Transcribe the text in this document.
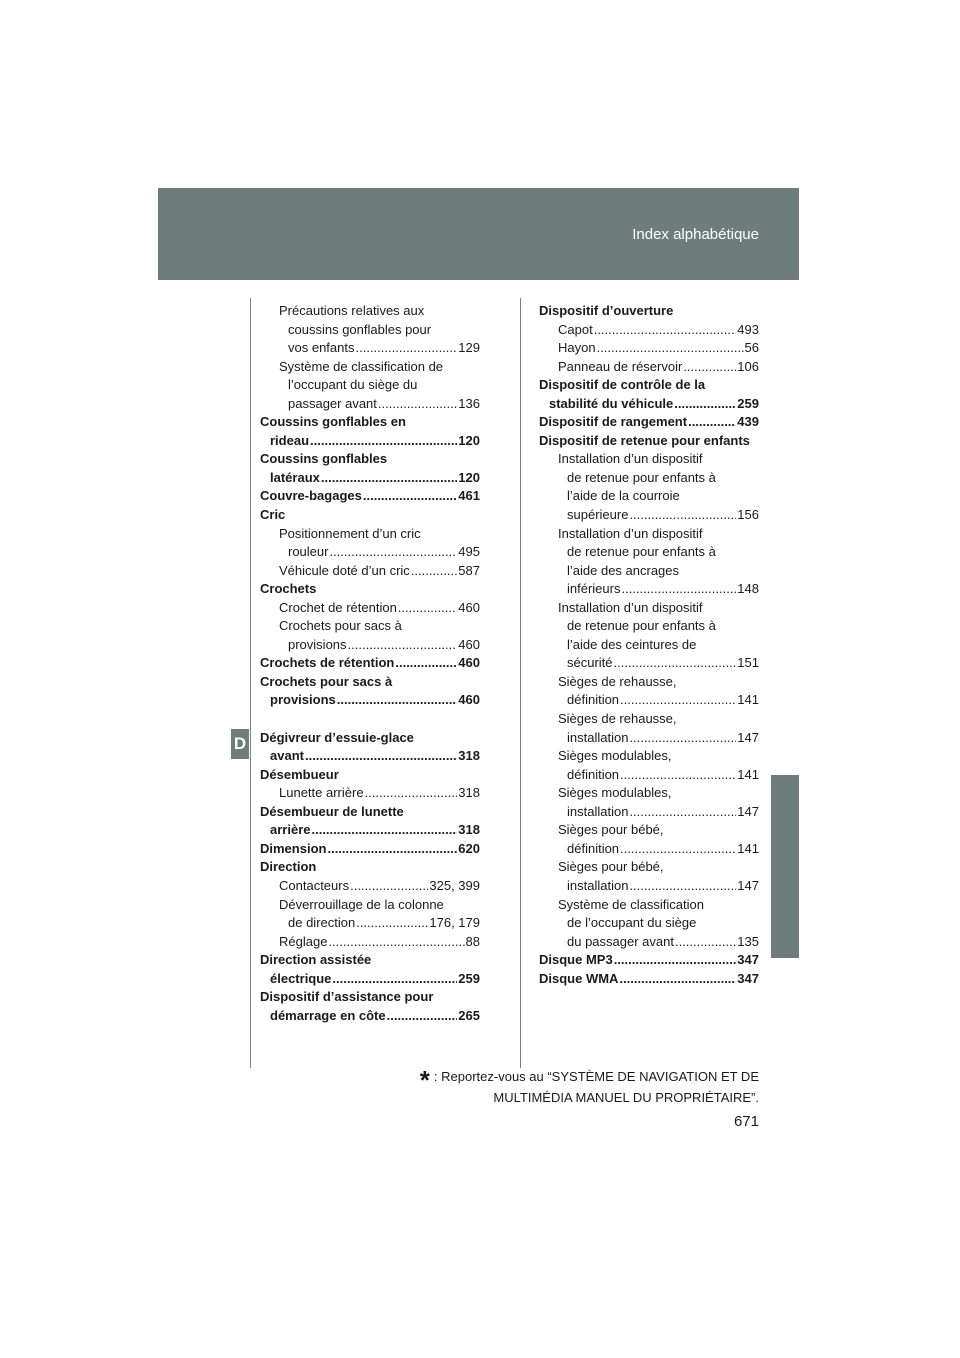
Index alphabétique
D
Précautions relatives aux
coussins gonflables pour
vos enfants .....	129
Système de classification de
l’occupant du siège du
passager avant .....	136
Coussins gonflables en
rideau .....	120
Coussins gonflables
latéraux .....	120
Couvre-bagages .....	461
Cric
Positionnement d’un cric
rouleur .....	495
Véhicule doté d’un cric .....	587
Crochets
Crochet de rétention .....	460
Crochets pour sacs à
provisions .....	460
Crochets de rétention .....	460
Crochets pour sacs à
provisions .....	460
Dégivreur d’essuie-glace
avant .....	318
Désembueur
Lunette arrière .....	318
Désembueur de lunette
arrière .....	318
Dimension .....	620
Direction
Contacteurs .....	325, 399
Déverrouillage de la colonne
de direction .....	176, 179
Réglage .....	88
Direction assistée
électrique .....	259
Dispositif d’assistance pour
démarrage en côte .....	265
Dispositif d’ouverture
Capot .....	493
Hayon .....	56
Panneau de réservoir .....	106
Dispositif de contrôle de la
stabilité du véhicule .....	259
Dispositif de rangement .....	439
Dispositif de retenue pour enfants
Installation d’un dispositif
de retenue pour enfants à
l’aide de la courroie
supérieure .....	156
Installation d’un dispositif
de retenue pour enfants à
l’aide des ancrages
inférieurs .....	148
Installation d’un dispositif
de retenue pour enfants à
l’aide des ceintures de
sécurité .....	151
Sièges de rehausse,
définition .....	141
Sièges de rehausse,
installation .....	147
Sièges modulables,
définition .....	141
Sièges modulables,
installation .....	147
Sièges pour bébé,
définition .....	141
Sièges pour bébé,
installation .....	147
Système de classification
de l’occupant du siège
du passager avant .....	135
Disque MP3 .....	347
Disque WMA .....	347
* : Reportez-vous au “SYSTÈME DE NAVIGATION ET DE
MULTIMÉDIA MANUEL DU PROPRIÉTAIRE”.
671
